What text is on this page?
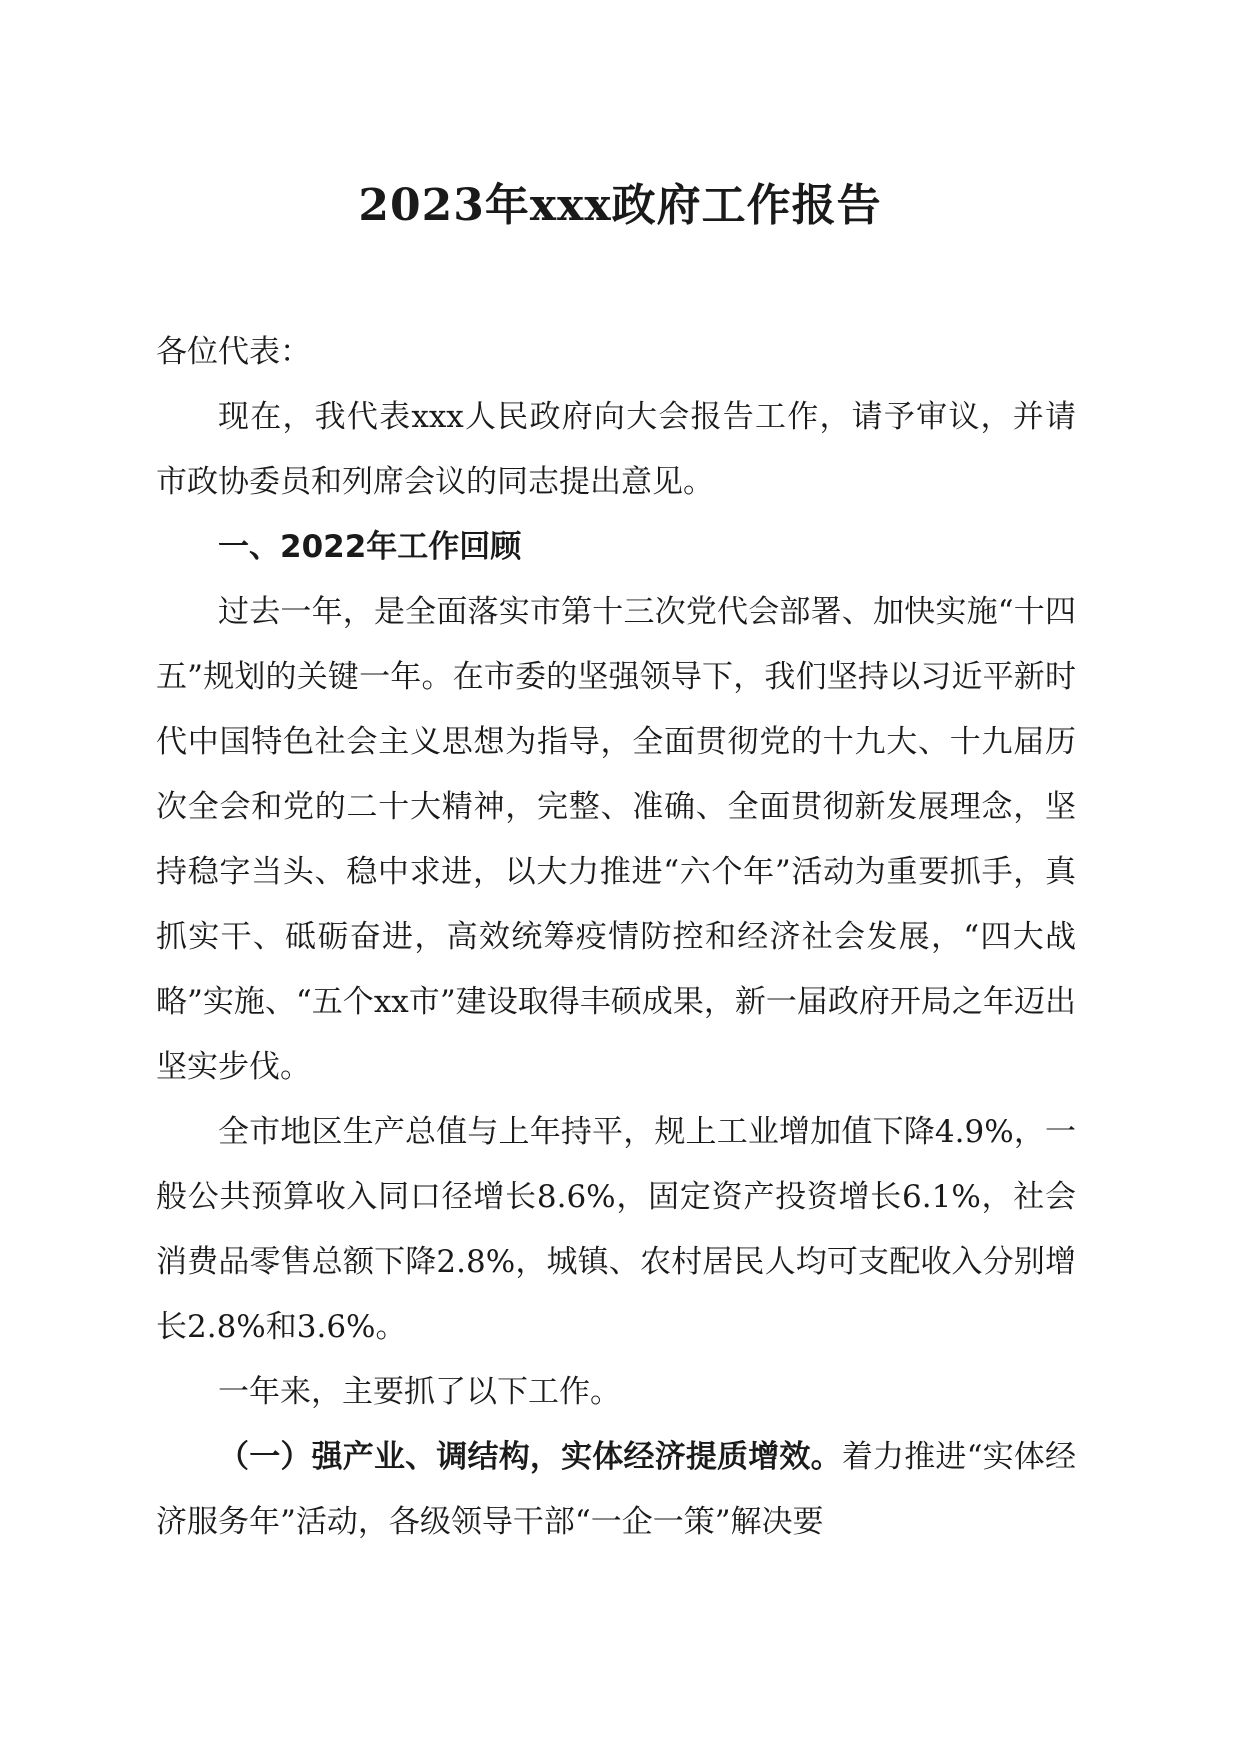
2023年xxx政府工作报告

各位代表：

现在，我代表xxx人民政府向大会报告工作，请予审议，并请市政协委员和列席会议的同志提出意见。

一、2022年工作回顾

过去一年，是全面落实市第十三次党代会部署、加快实施“十四五”规划的关键一年。在市委的坚强领导下，我们坚持以习近平新时代中国特色社会主义思想为指导，全面贯彻党的十九大、十九届历次全会和党的二十大精神，完整、准确、全面贯彻新发展理念，坚持稳字当头、稳中求进，以大力推进“六个年”活动为重要抓手，真抓实干、砥砺奋进，高效统筹疫情防控和经济社会发展，“四大战略”实施、“五个xx市”建设取得丰硕成果，新一届政府开局之年迈出坚实步伐。

全市地区生产总值与上年持平，规上工业增加值下降4.9%，一般公共预算收入同口径增长8.6%，固定资产投资增长6.1%，社会消费品零售总额下降2.8%，城镇、农村居民人均可支配收入分别增长2.8%和3.6%。

一年来，主要抓了以下工作。

（一）强产业、调结构，实体经济提质增效。着力推进“实体经济服务年”活动，各级领导干部“一企一策”解决要
